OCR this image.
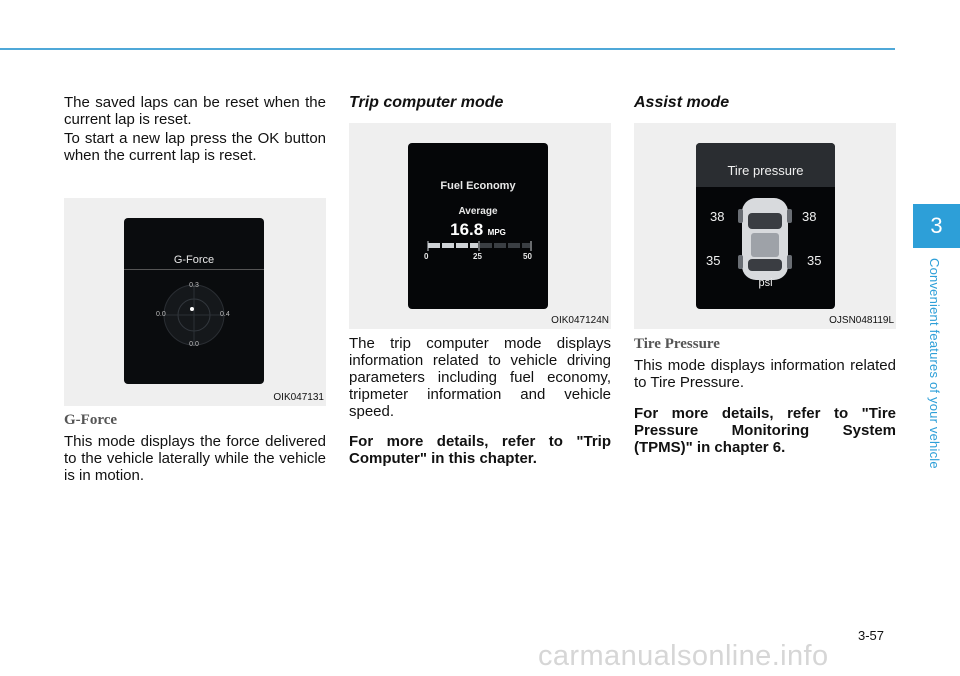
The saved laps can be reset when the current lap is reset.
To start a new lap press the OK button when the current lap is reset.
G-Force
0.3
0.0	0.4
0.0
OIK047131
G-Force
This mode displays the force delivered to the vehicle laterally while the vehicle is in motion.
Trip computer mode
Fuel Economy
Average
16.8 MPG
0	25	50
OIK047124N
The trip computer mode displays information related to vehicle driving parameters including fuel economy, tripmeter information and vehicle speed.
For more details, refer to "Trip Computer" in this chapter.
Assist mode
Tire pressure
38	38
35	35
psi
OJSN048119L
Tire Pressure
This mode displays information related to Tire Pressure.
For more details, refer to "Tire Pressure Monitoring System (TPMS)" in chapter 6.
3
Convenient features of your vehicle
3-57
carmanualsonline.info
